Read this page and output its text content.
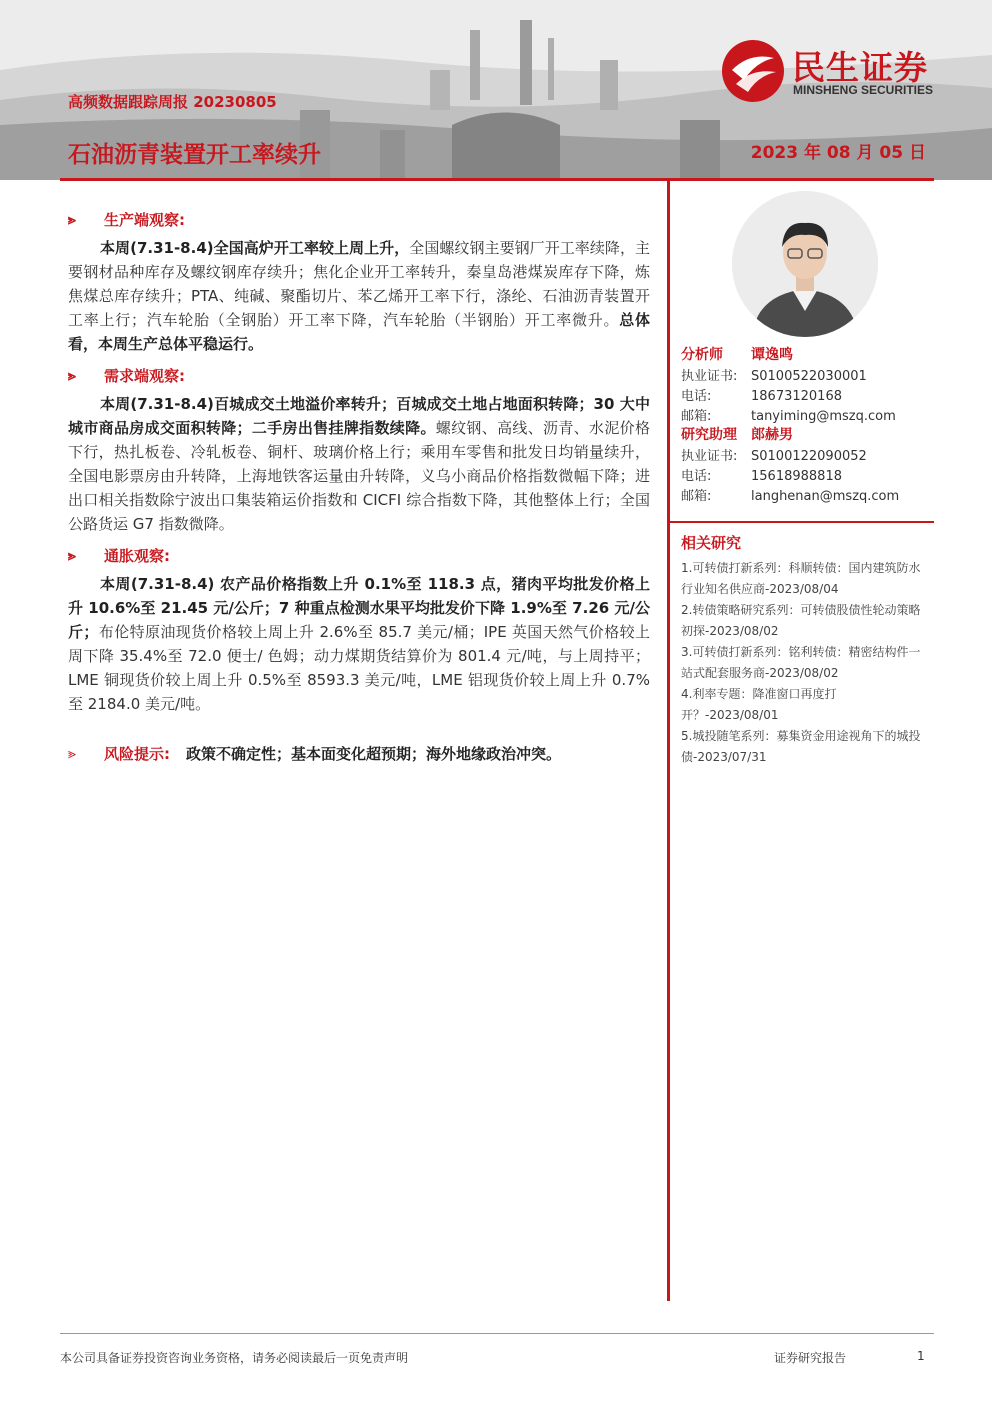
民生证券
MINSHENG SECURITIES
高频数据跟踪周报 20230805
石油沥青装置开工率续升	2023 年 08 月 05 日
⪢ 生产端观察:

本周(7.31-8.4)全国高炉开工率较上周上升，全国螺纹钢主要钢厂开工率续降，主要钢材品种库存及螺纹钢库存续升；焦化企业开工率转升，秦皇岛港煤炭库存下降，炼焦煤总库存续升；PTA、纯碱、聚酯切片、苯乙烯开工率下行，涤纶、石油沥青装置开工率上行；汽车轮胎（全钢胎）开工率下降，汽车轮胎（半钢胎）开工率微升。总体看，本周生产总体平稳运行。

⪢ 需求端观察:

本周(7.31-8.4)百城成交土地溢价率转升；百城成交土地占地面积转降；30 大中城市商品房成交面积转降；二手房出售挂牌指数续降。螺纹钢、高线、沥青、水泥价格下行，热扎板卷、冷轧板卷、铜杆、玻璃价格上行；乘用车零售和批发日均销量续升，全国电影票房由升转降，上海地铁客运量由升转降，义乌小商品价格指数微幅下降；进出口相关指数除宁波出口集装箱运价指数和 CICFI 综合指数下降，其他整体上行；全国公路货运 G7 指数微降。

⪢ 通胀观察:

本周(7.31-8.4) 农产品价格指数上升 0.1%至 118.3 点，猪肉平均批发价格上升 10.6%至 21.45 元/公斤；7 种重点检测水果平均批发价下降 1.9%至 7.26 元/公斤；布伦特原油现货价格较上周上升 2.6%至 85.7 美元/桶；IPE 英国天然气价格较上周下降 35.4%至 72.0 便士/ 色姆；动力煤期货结算价为 801.4 元/吨，与上周持平；LME 铜现货价较上周上升 0.5%至 8593.3 美元/吨，LME 铝现货价较上周上升 0.7%至 2184.0 美元/吨。

⪢ 风险提示: 政策不确定性；基本面变化超预期；海外地缘政治冲突。
分析师 谭逸鸣
执业证书: S0100522030001
电话:	18673120168
邮箱:	tanyiming@mszq.com
研究助理 郎赫男
执业证书: S0100122090052
电话:	15618988818
邮箱:	langhenan@mszq.com
相关研究
1.可转债打新系列：科顺转债：国内建筑防水行业知名供应商-2023/08/04
2.转债策略研究系列：可转债股债性轮动策略初探-2023/08/02
3.可转债打新系列：铭利转债：精密结构件一站式配套服务商-2023/08/02
4.利率专题：降准窗口再度打开？-2023/08/01
5.城投随笔系列：募集资金用途视角下的城投债-2023/07/31
本公司具备证券投资咨询业务资格，请务必阅读最后一页免责声明	证券研究报告	1
